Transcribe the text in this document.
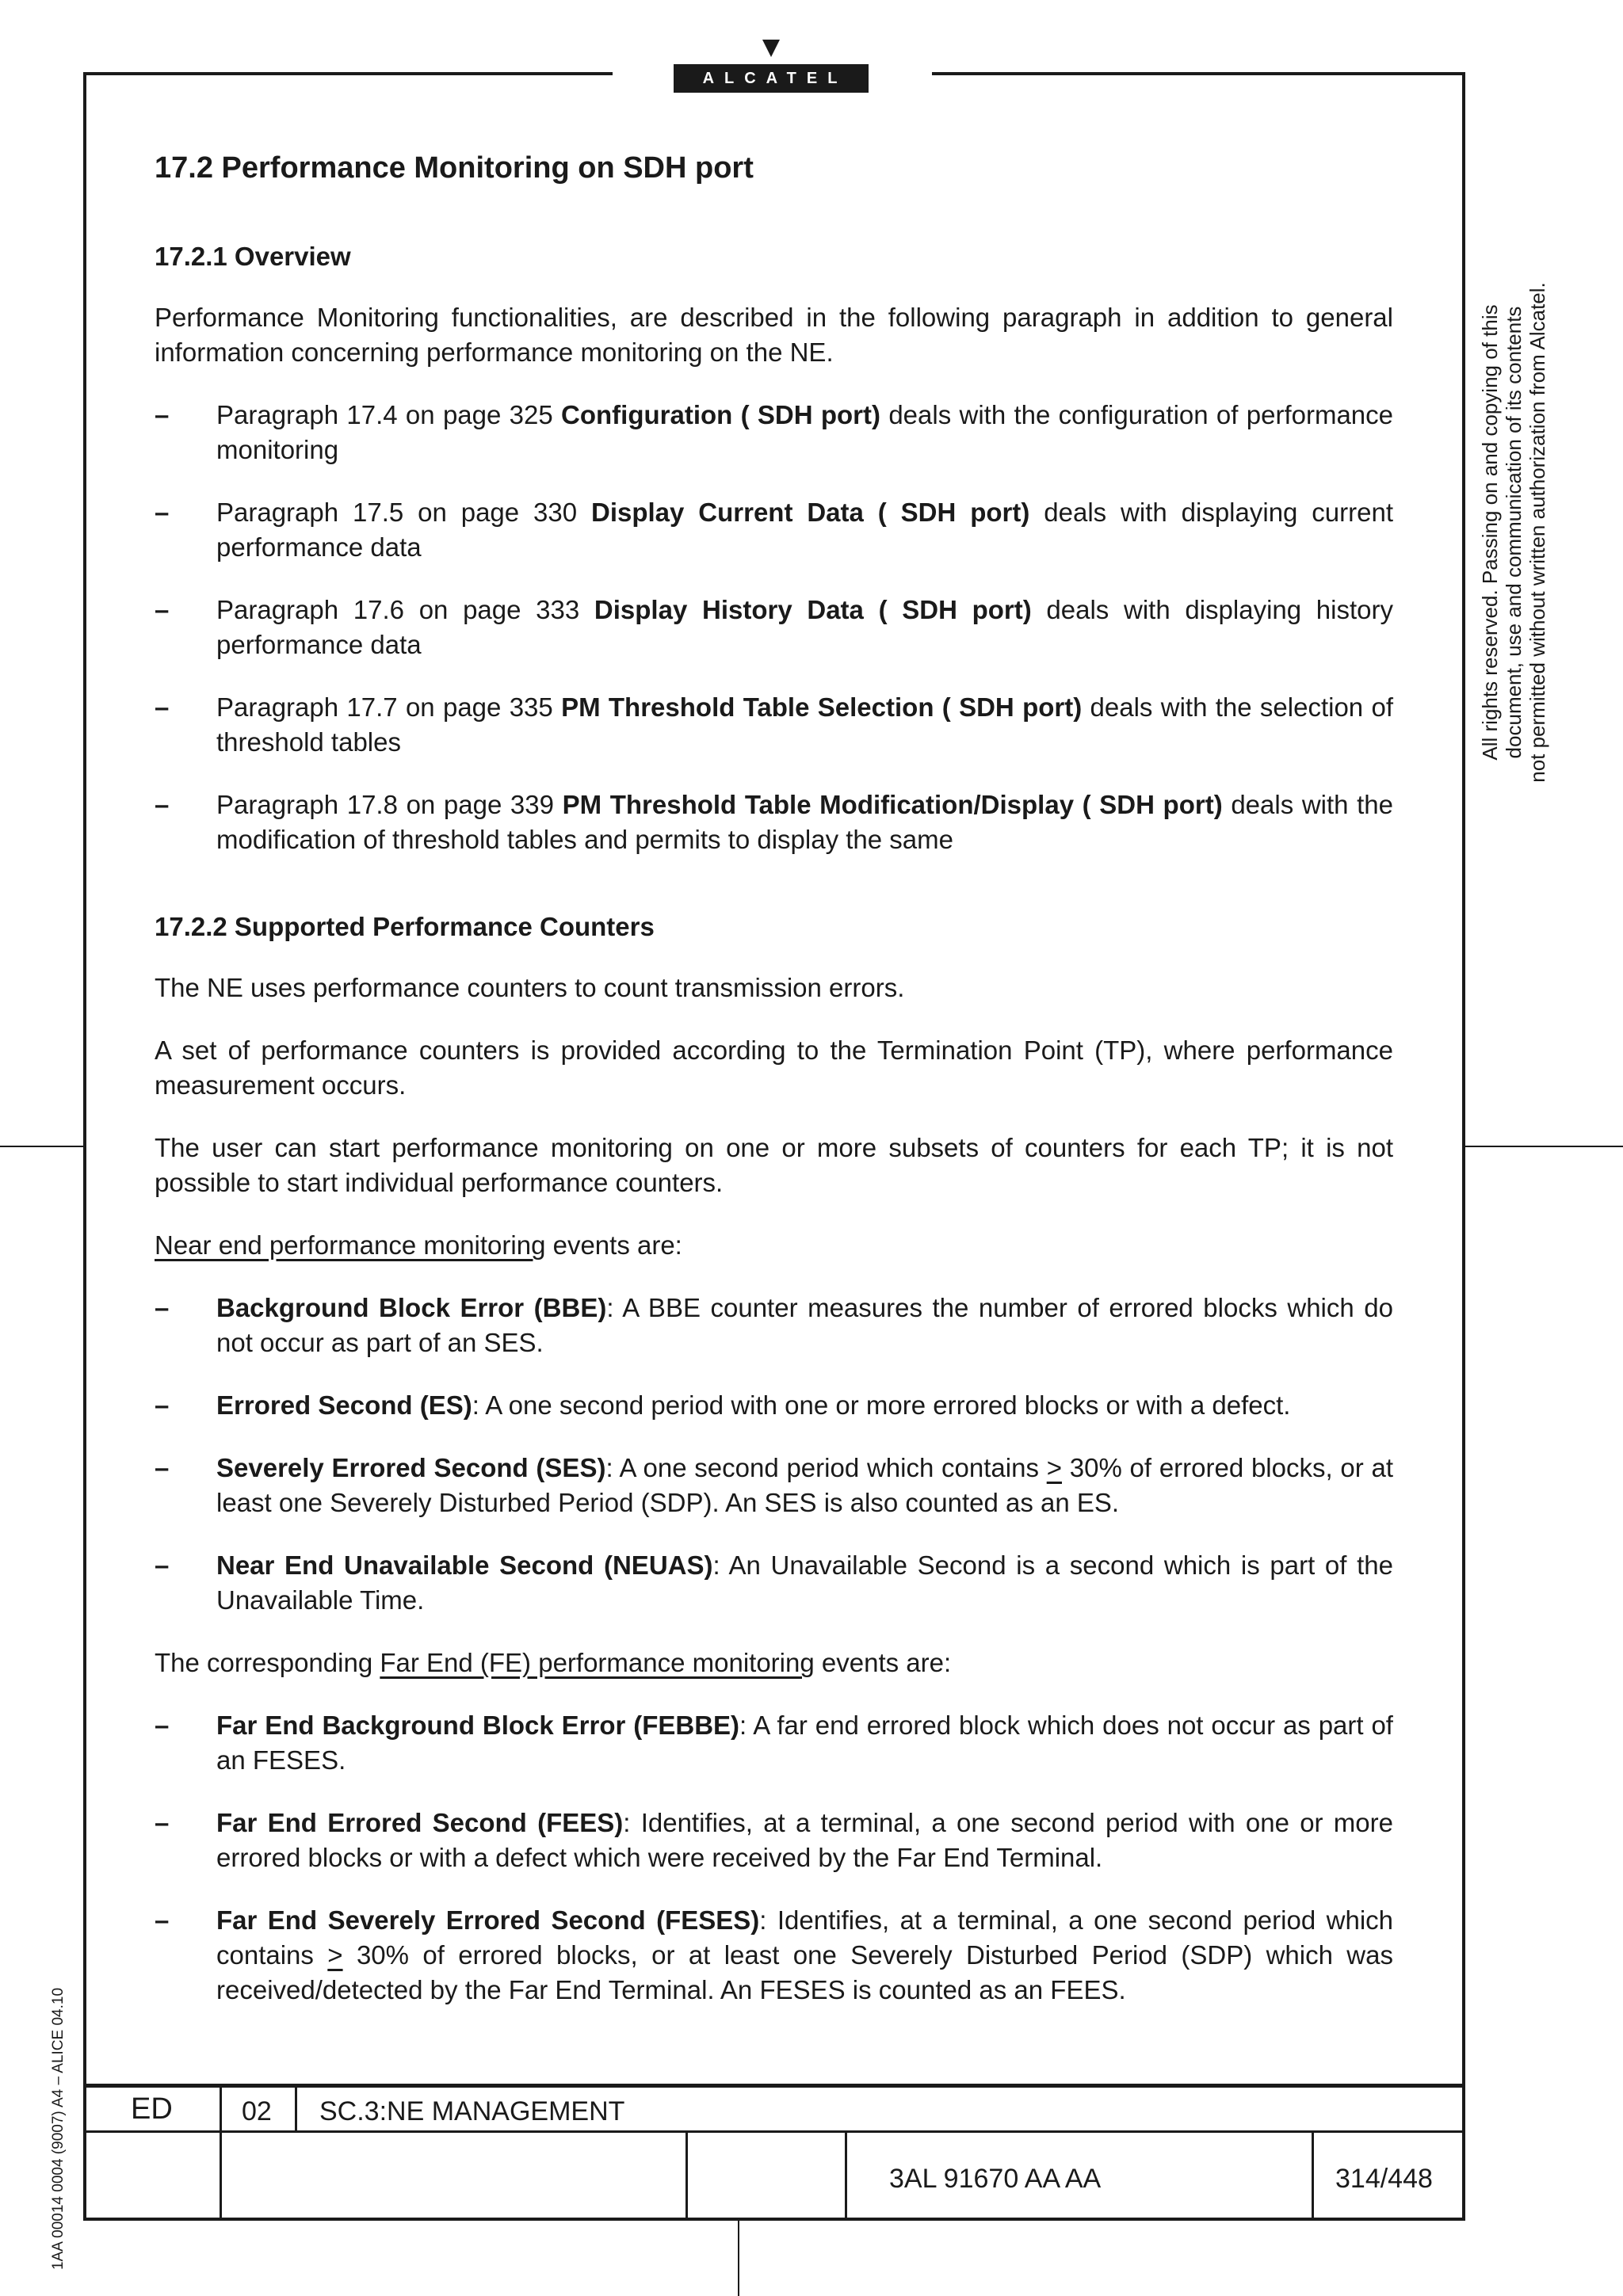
ALCATEL
17.2 Performance Monitoring on SDH port
17.2.1 Overview

Performance Monitoring functionalities, are described in the following paragraph in addition to general information concerning performance monitoring on the NE.

– Paragraph 17.4 on page 325 Configuration ( SDH port) deals with the configuration of performance monitoring
– Paragraph 17.5 on page 330 Display Current Data ( SDH port) deals with displaying current performance data
– Paragraph 17.6 on page 333 Display History Data ( SDH port) deals with displaying history performance data
– Paragraph 17.7 on page 335 PM Threshold Table Selection ( SDH port) deals with the selection of threshold tables
– Paragraph 17.8 on page 339 PM Threshold Table Modification/Display ( SDH port) deals with the modification of threshold tables and permits to display the same
17.2.2 Supported Performance Counters

The NE uses performance counters to count transmission errors.

A set of performance counters is provided according to the Termination Point (TP), where performance measurement occurs.

The user can start performance monitoring on one or more subsets of counters for each TP; it is not possible to start individual performance counters.

Near end performance monitoring events are:

– Background Block Error (BBE): A BBE counter measures the number of errored blocks which do not occur as part of an SES.
– Errored Second (ES): A one second period with one or more errored blocks or with a defect.
– Severely Errored Second (SES): A one second period which contains ≥ 30% of errored blocks, or at least one Severely Disturbed Period (SDP). An SES is also counted as an ES.
– Near End Unavailable Second (NEUAS): An Unavailable Second is a second which is part of the Unavailable Time.

The corresponding Far End (FE) performance monitoring events are:

– Far End Background Block Error (FEBBE): A far end errored block which does not occur as part of an FESES.
– Far End Errored Second (FEES): Identifies, at a terminal, a one second period with one or more errored blocks or with a defect which were received by the Far End Terminal.
– Far End Severely Errored Second (FESES): Identifies, at a terminal, a one second period which contains ≥ 30% of errored blocks, or at least one Severely Disturbed Period (SDP) which was received/detected by the Far End Terminal. An FESES is counted as an FEES.
All rights reserved. Passing on and copying of this document, use and communication of its contents not permitted without written authorization from Alcatel.
1AA 00014 0004 (9007) A4 – ALICE 04.10 ED	02 SC.3:NE MANAGEMENT
3AL 91670 AA AA	314/448
